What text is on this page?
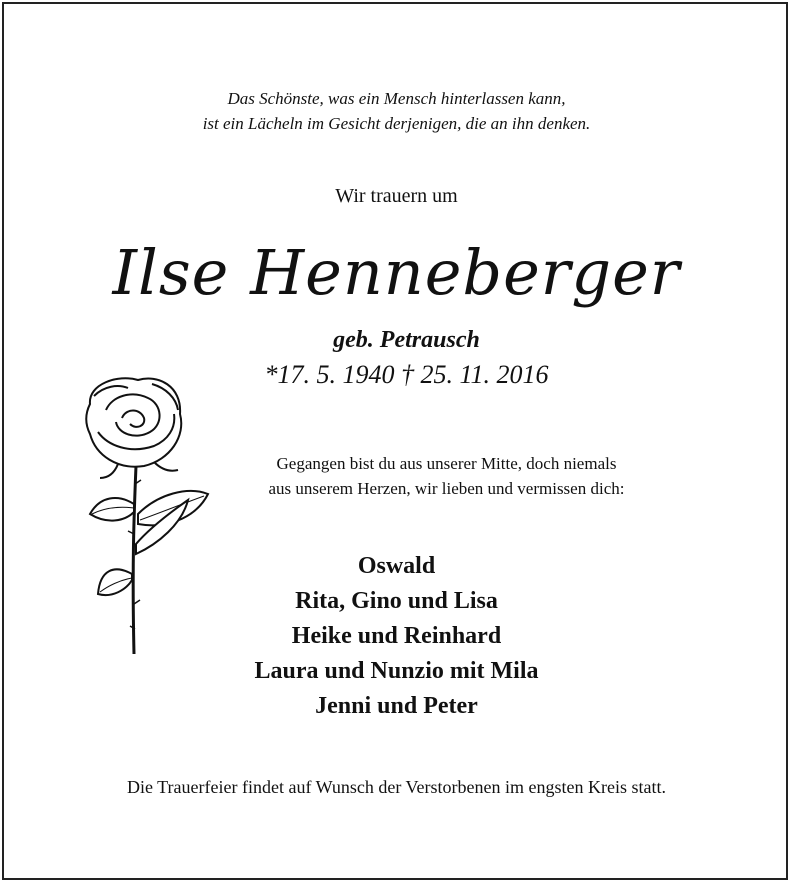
Das Schönste, was ein Mensch hinterlassen kann,
ist ein Lächeln im Gesicht derjenigen, die an ihn denken.
Wir trauern um
Ilse Henneberger
geb. Petrausch
*17. 5. 1940 † 25. 11. 2016
Gegangen bist du aus unserer Mitte, doch niemals
aus unserem Herzen, wir lieben und vermissen dich:
Oswald
Rita, Gino und Lisa
Heike und Reinhard
Laura und Nunzio mit Mila
Jenni und Peter
Die Trauerfeier findet auf Wunsch der Verstorbenen im engsten Kreis statt.
